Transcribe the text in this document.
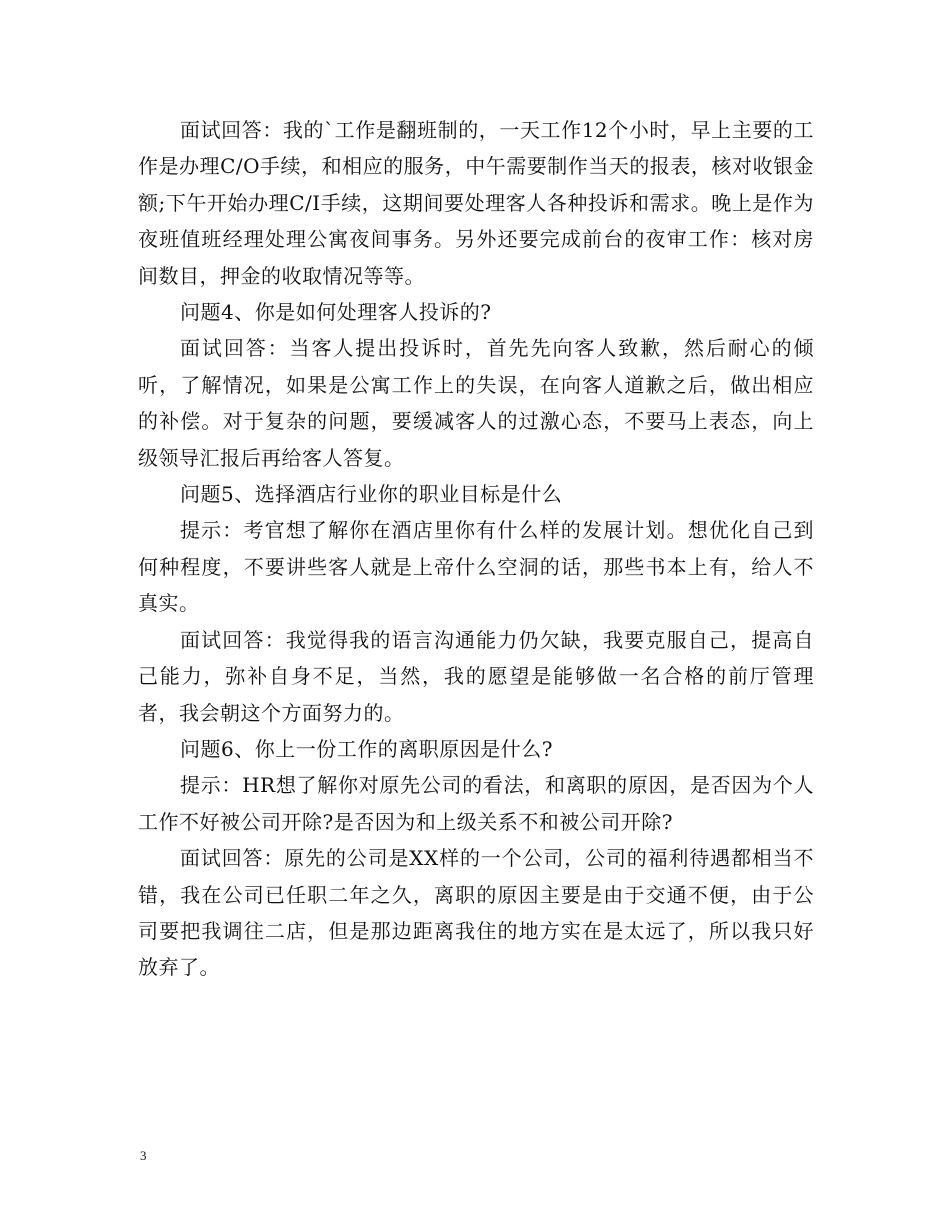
面试回答：我的`工作是翻班制的，一天工作12个小时，早上主要的工作是办理C/O手续，和相应的服务，中午需要制作当天的报表，核对收银金额;下午开始办理C/I手续，这期间要处理客人各种投诉和需求。晚上是作为夜班值班经理处理公寓夜间事务。另外还要完成前台的夜审工作：核对房间数目，押金的收取情况等等。

问题4、你是如何处理客人投诉的?

面试回答：当客人提出投诉时，首先先向客人致歉，然后耐心的倾听，了解情况，如果是公寓工作上的失误，在向客人道歉之后，做出相应的补偿。对于复杂的问题，要缓减客人的过激心态，不要马上表态，向上级领导汇报后再给客人答复。

问题5、选择酒店行业你的职业目标是什么

提示：考官想了解你在酒店里你有什么样的发展计划。想优化自己到何种程度，不要讲些客人就是上帝什么空洞的话，那些书本上有，给人不真实。

面试回答：我觉得我的语言沟通能力仍欠缺，我要克服自己，提高自己能力，弥补自身不足，当然，我的愿望是能够做一名合格的前厅管理者，我会朝这个方面努力的。

问题6、你上一份工作的离职原因是什么?

提示：HR想了解你对原先公司的看法，和离职的原因，是否因为个人工作不好被公司开除?是否因为和上级关系不和被公司开除?

面试回答：原先的公司是XX样的一个公司，公司的福利待遇都相当不错，我在公司已任职二年之久，离职的原因主要是由于交通不便，由于公司要把我调往二店，但是那边距离我住的地方实在是太远了，所以我只好放弃了。

3
